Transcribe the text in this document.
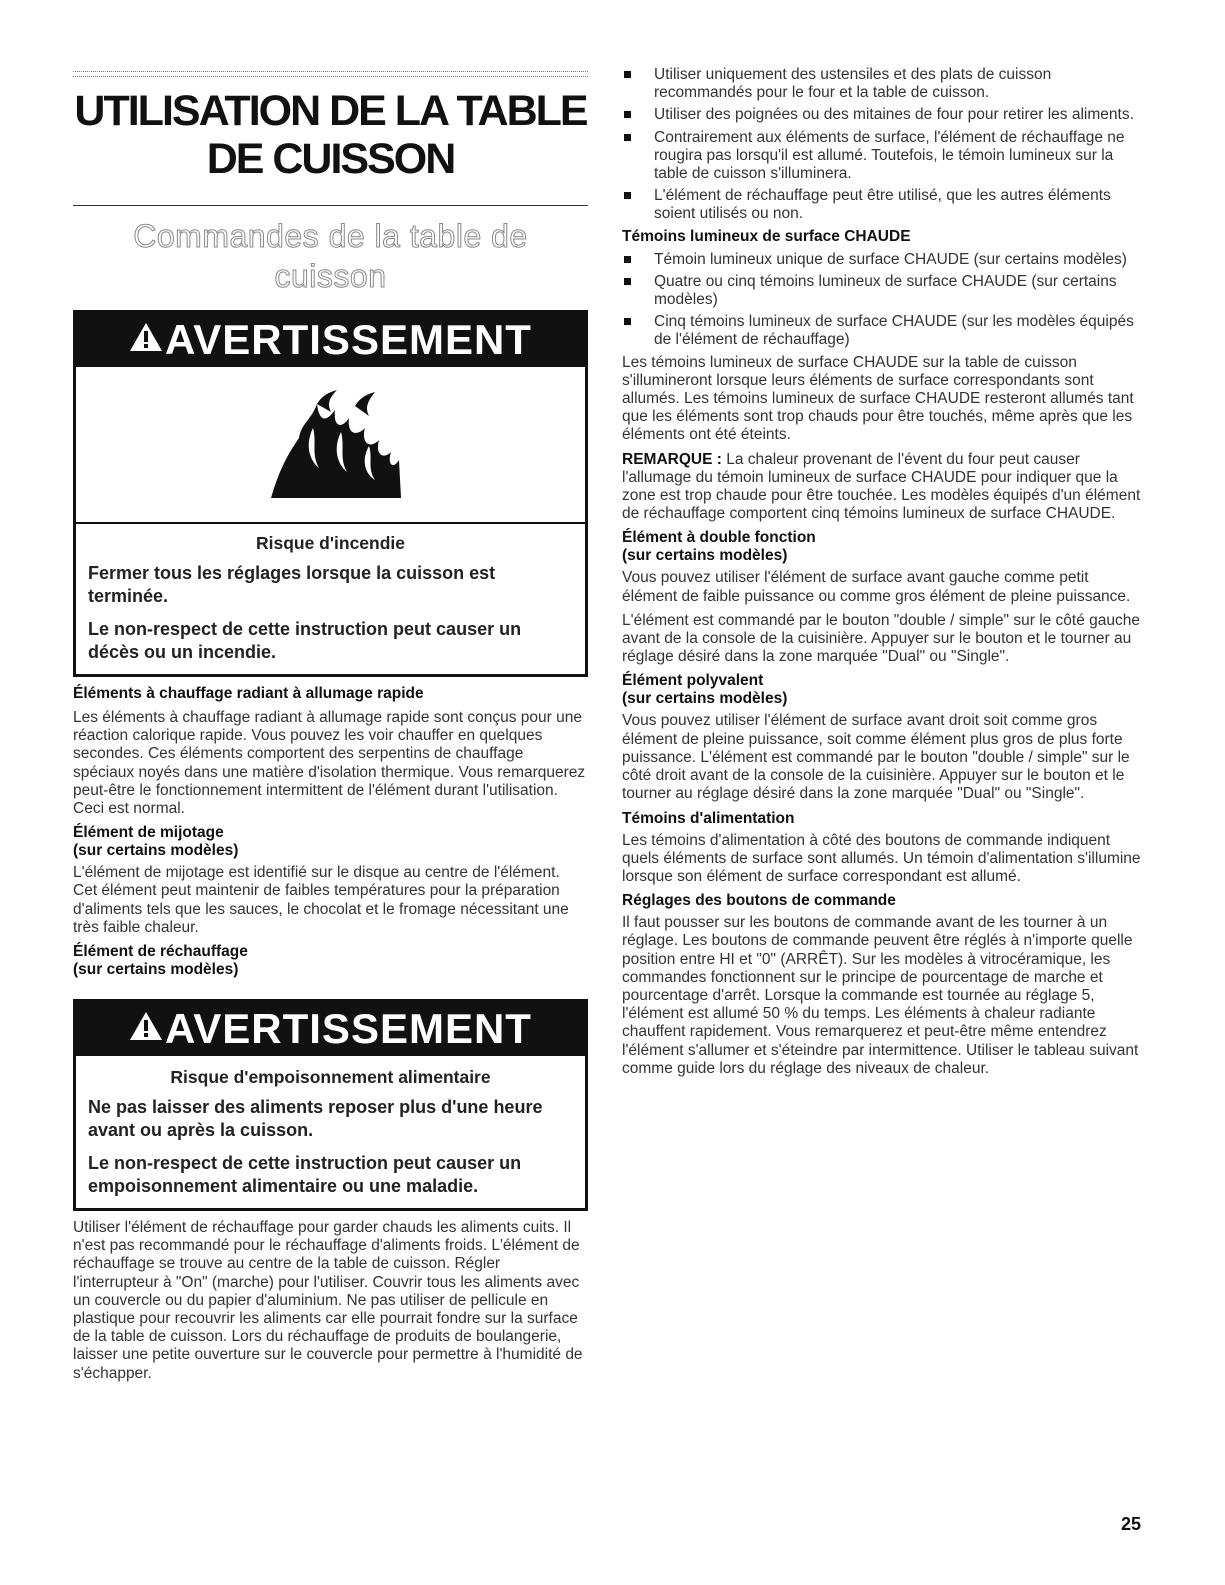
UTILISATION DE LA TABLE
DE CUISSON
Commandes de la table de cuisson
AVERTISSEMENT
Risque d'incendie
Fermer tous les réglages lorsque la cuisson est terminée.
Le non-respect de cette instruction peut causer un décès ou un incendie.
Éléments à chauffage radiant à allumage rapide

Les éléments à chauffage radiant à allumage rapide sont conçus pour une réaction calorique rapide. Vous pouvez les voir chauffer en quelques secondes. Ces éléments comportent des serpentins de chauffage spéciaux noyés dans une matière d'isolation thermique. Vous remarquerez peut-être le fonctionnement intermittent de l'élément durant l'utilisation. Ceci est normal.

Élément de mijotage
(sur certains modèles)

L'élément de mijotage est identifié sur le disque au centre de l'élément. Cet élément peut maintenir de faibles températures pour la préparation d'aliments tels que les sauces, le chocolat et le fromage nécessitant une très faible chaleur.

Élément de réchauffage
(sur certains modèles)
AVERTISSEMENT
Risque d'empoisonnement alimentaire
Ne pas laisser des aliments reposer plus d'une heure avant ou après la cuisson.
Le non-respect de cette instruction peut causer un empoisonnement alimentaire ou une maladie.

Utiliser l'élément de réchauffage pour garder chauds les aliments cuits. Il n'est pas recommandé pour le réchauffage d'aliments froids. L'élément de réchauffage se trouve au centre de la table de cuisson. Régler l'interrupteur à "On" (marche) pour l'utiliser. Couvrir tous les aliments avec un couvercle ou du papier d'aluminium. Ne pas utiliser de pellicule en plastique pour recouvrir les aliments car elle pourrait fondre sur la surface de la table de cuisson. Lors du réchauffage de produits de boulangerie, laisser une petite ouverture sur le couvercle pour permettre à l'humidité de s'échapper.

Utiliser uniquement des ustensiles et des plats de cuisson recommandés pour le four et la table de cuisson.
Utiliser des poignées ou des mitaines de four pour retirer les aliments.
Contrairement aux éléments de surface, l'élément de réchauffage ne rougira pas lorsqu'il est allumé. Toutefois, le témoin lumineux sur la table de cuisson s'illuminera.
L'élément de réchauffage peut être utilisé, que les autres éléments soient utilisés ou non.
Témoins lumineux de surface CHAUDE
Témoin lumineux unique de surface CHAUDE (sur certains modèles)
Quatre ou cinq témoins lumineux de surface CHAUDE (sur certains modèles)
Cinq témoins lumineux de surface CHAUDE (sur les modèles équipés de l'élément de réchauffage)

Les témoins lumineux de surface CHAUDE sur la table de cuisson s'illumineront lorsque leurs éléments de surface correspondants sont allumés. Les témoins lumineux de surface CHAUDE resteront allumés tant que les éléments sont trop chauds pour être touchés, même après que les éléments ont été éteints.

REMARQUE : La chaleur provenant de l'évent du four peut causer l'allumage du témoin lumineux de surface CHAUDE pour indiquer que la zone est trop chaude pour être touchée. Les modèles équipés d'un élément de réchauffage comportent cinq témoins lumineux de surface CHAUDE.

Élément à double fonction
(sur certains modèles)

Vous pouvez utiliser l'élément de surface avant gauche comme petit élément de faible puissance ou comme gros élément de pleine puissance.

L'élément est commandé par le bouton "double / simple" sur le côté gauche avant de la console de la cuisinière. Appuyer sur le bouton et le tourner au réglage désiré dans la zone marquée "Dual" ou "Single".

Élément polyvalent
(sur certains modèles)

Vous pouvez utiliser l'élément de surface avant droit soit comme gros élément de pleine puissance, soit comme élément plus gros de plus forte puissance. L'élément est commandé par le bouton "double / simple" sur le côté droit avant de la console de la cuisinière. Appuyer sur le bouton et le tourner au réglage désiré dans la zone marquée "Dual" ou "Single".

Témoins d'alimentation

Les témoins d'alimentation à côté des boutons de commande indiquent quels éléments de surface sont allumés. Un témoin d'alimentation s'illumine lorsque son élément de surface correspondant est allumé.

Réglages des boutons de commande

Il faut pousser sur les boutons de commande avant de les tourner à un réglage. Les boutons de commande peuvent être réglés à n'importe quelle position entre HI et "0" (ARRÊT). Sur les modèles à vitrocéramique, les commandes fonctionnent sur le principe de pourcentage de marche et pourcentage d'arrêt. Lorsque la commande est tournée au réglage 5, l'élément est allumé 50 % du temps. Les éléments à chaleur radiante chauffent rapidement. Vous remarquerez et peut-être même entendrez l'élément s'allumer et s'éteindre par intermittence. Utiliser le tableau suivant comme guide lors du réglage des niveaux de chaleur.

25
